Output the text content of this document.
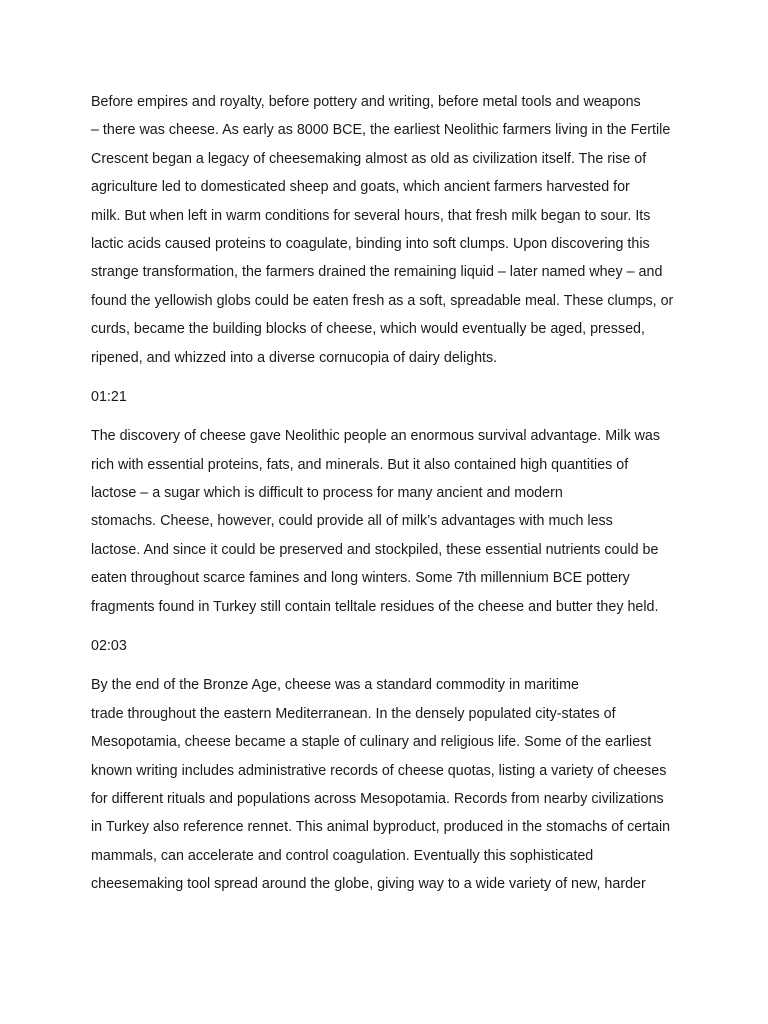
Before empires and royalty, before pottery and writing, before metal tools and weapons
– there was cheese. As early as 8000 BCE, the earliest Neolithic farmers living in the Fertile
Crescent began a legacy of cheesemaking almost as old as civilization itself. The rise of
agriculture led to domesticated sheep and goats, which ancient farmers harvested for
milk. But when left in warm conditions for several hours, that fresh milk began to sour. Its
lactic acids caused proteins to coagulate, binding into soft clumps. Upon discovering this
strange transformation, the farmers drained the remaining liquid – later named whey – and
found the yellowish globs could be eaten fresh as a soft, spreadable meal. These clumps, or
curds, became the building blocks of cheese, which would eventually be aged, pressed,
ripened, and whizzed into a diverse cornucopia of dairy delights.
01:21
The discovery of cheese gave Neolithic people an enormous survival advantage. Milk was
rich with essential proteins, fats, and minerals. But it also contained high quantities of
lactose – a sugar which is difficult to process for many ancient and modern
stomachs. Cheese, however, could provide all of milk’s advantages with much less
lactose. And since it could be preserved and stockpiled, these essential nutrients could be
eaten throughout scarce famines and long winters. Some 7th millennium BCE pottery
fragments found in Turkey still contain telltale residues of the cheese and butter they held.
02:03
By the end of the Bronze Age, cheese was a standard commodity in maritime
trade throughout the eastern Mediterranean. In the densely populated city-states of
Mesopotamia, cheese became a staple of culinary and religious life. Some of the earliest
known writing includes administrative records of cheese quotas, listing a variety of cheeses
for different rituals and populations across Mesopotamia. Records from nearby civilizations
in Turkey also reference rennet. This animal byproduct, produced in the stomachs of certain
mammals, can accelerate and control coagulation. Eventually this sophisticated
cheesemaking tool spread around the globe, giving way to a wide variety of new, harder
